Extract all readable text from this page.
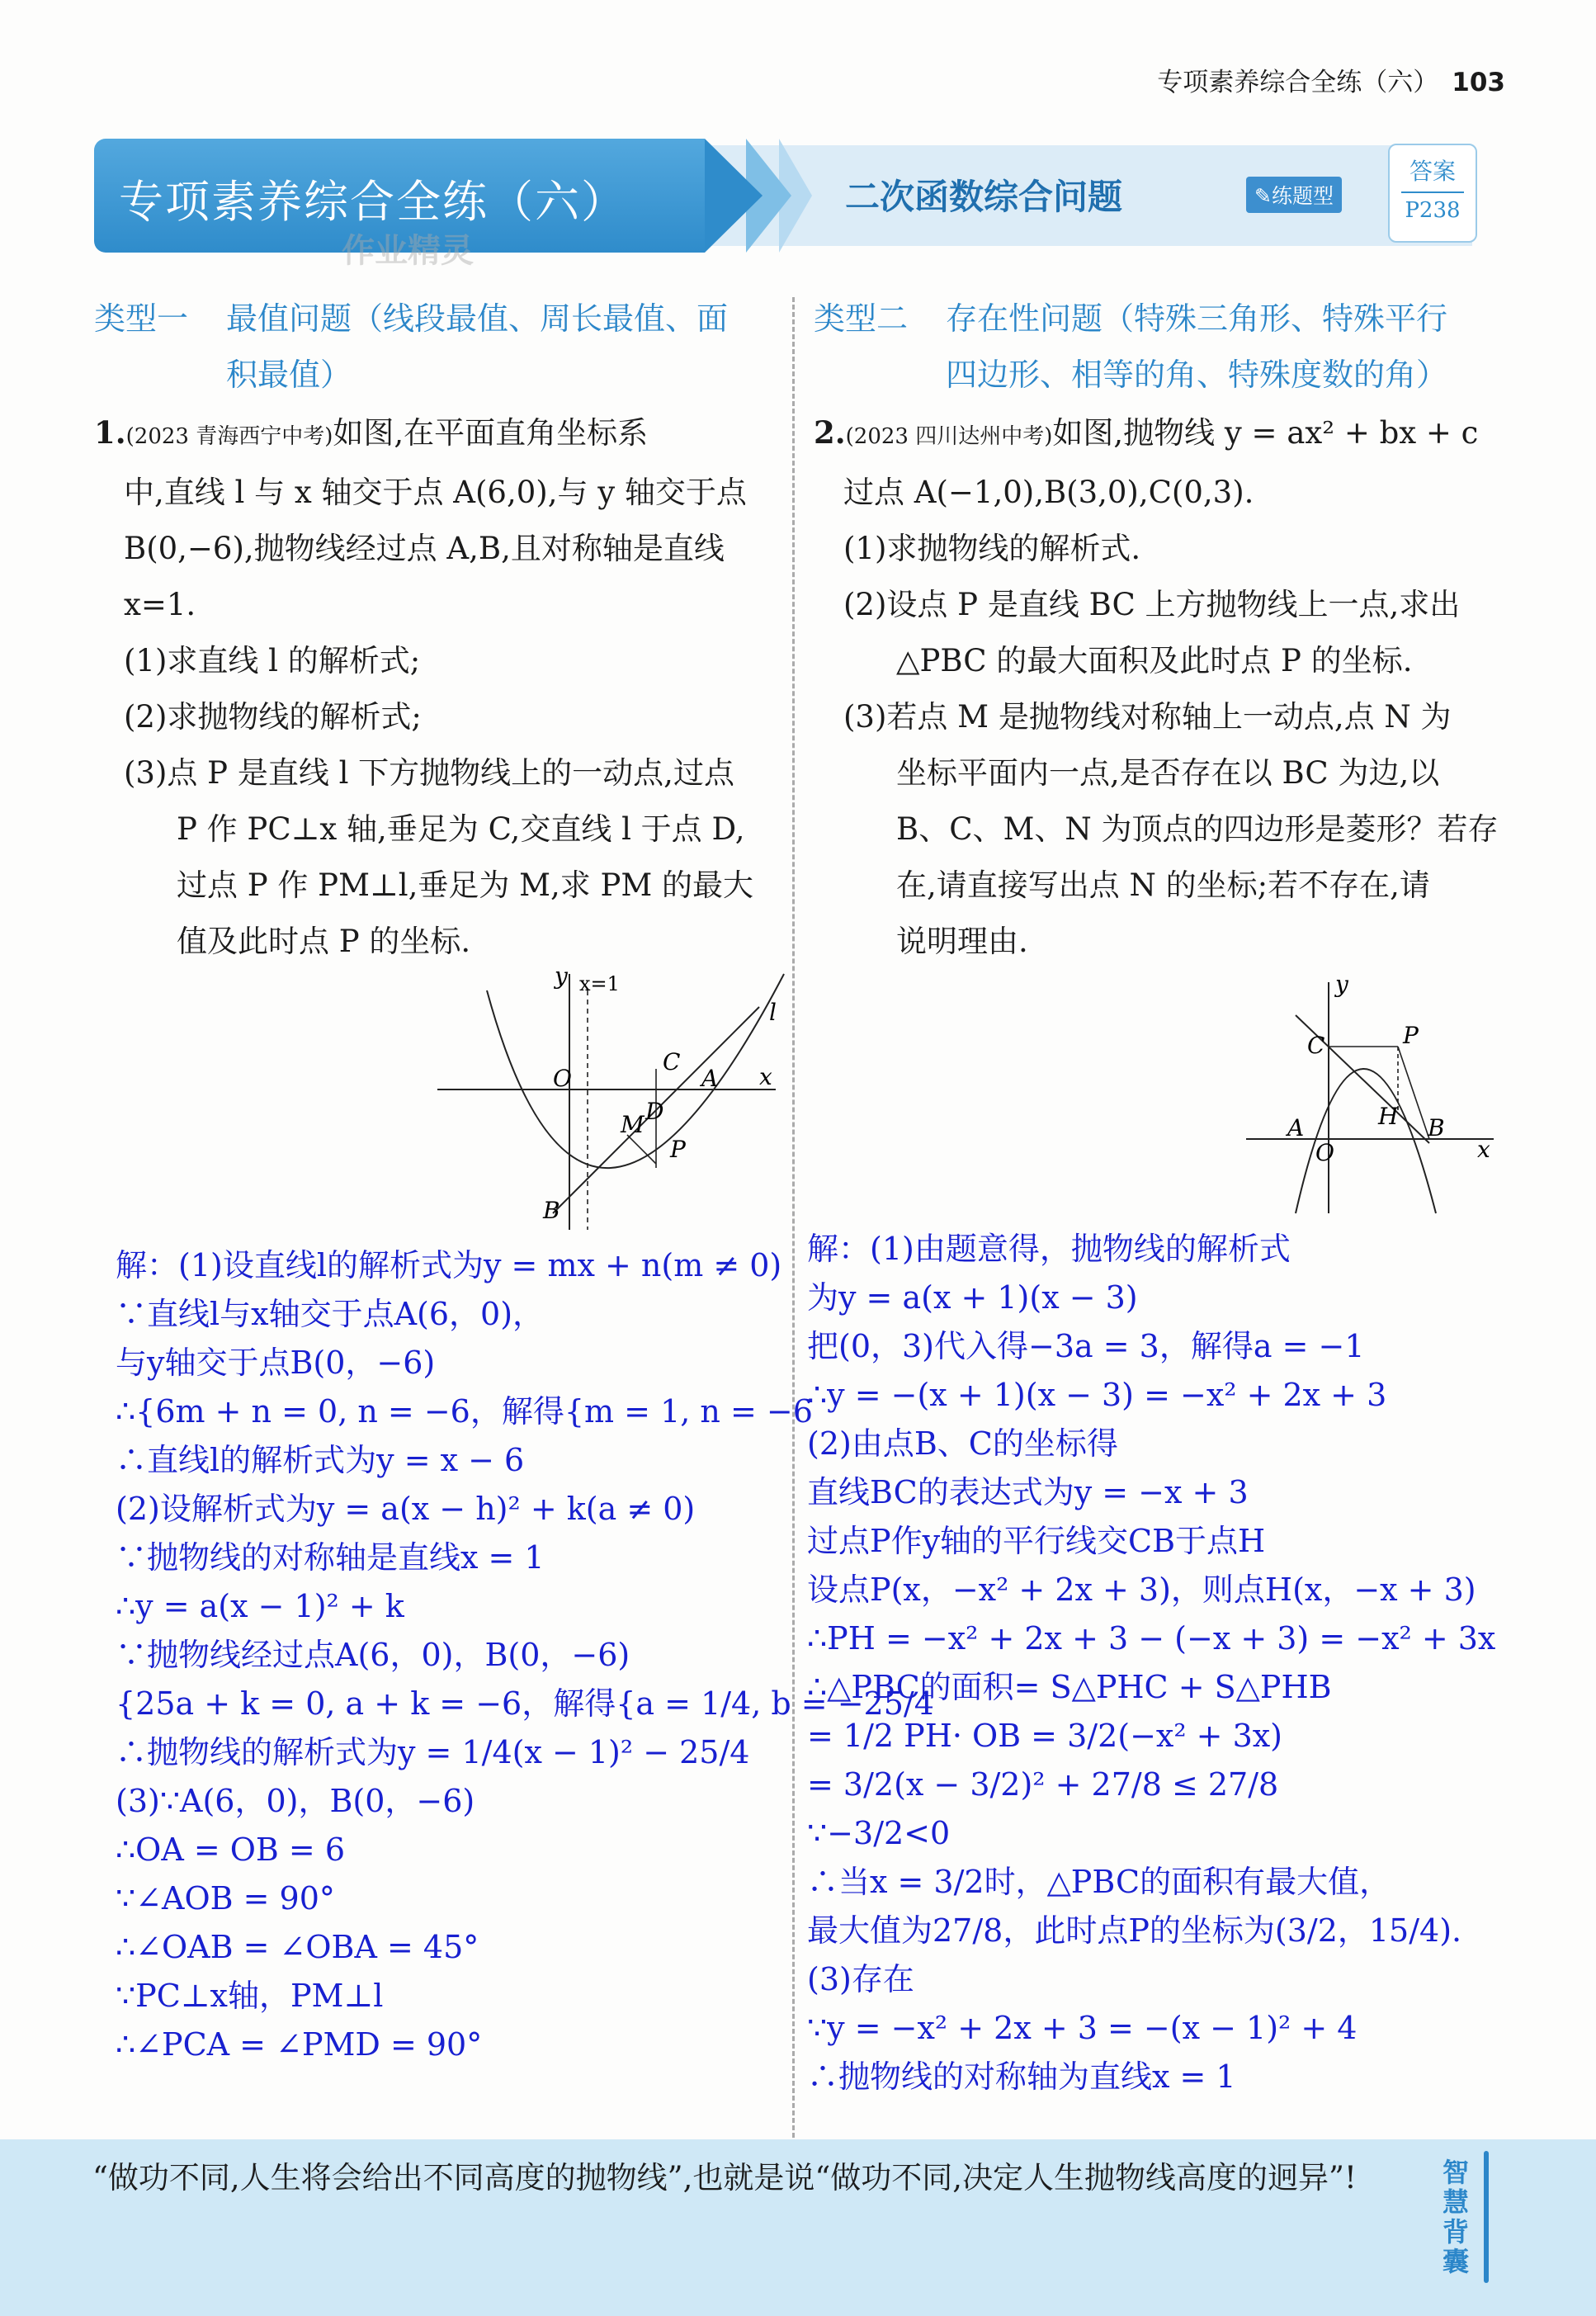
专项素养综合全练（六） 103
专项素养综合全练（六）
作业精灵
二次函数综合问题	✎练题型
答案
P238
类型一 最值问题（线段最值、周长最值、面
积最值）
1.(2023 青海西宁中考)如图,在平面直角坐标系
中,直线 l 与 x 轴交于点 A(6,0),与 y 轴交于点
B(0,−6),抛物线经过点 A,B,且对称轴是直线
x=1.
(1)求直线 l 的解析式;
(2)求抛物线的解析式;
(3)点 P 是直线 l 下方抛物线上的一动点,过点
P 作 PC⊥x 轴,垂足为 C,交直线 l 于点 D,
过点 P 作 PM⊥l,垂足为 M,求 PM 的最大
值及此时点 P 的坐标.
y x=1
l
O	x
A
C
D
M
P
B
解：(1)设直线l的解析式为y = mx + n(m ≠ 0)
∵直线l与x轴交于点A(6，0)，
与y轴交于点B(0，−6)
∴{6m + n = 0, n = −6，解得{m = 1, n = −6
∴直线l的解析式为y = x − 6
(2)设解析式为y = a(x − h)² + k(a ≠ 0)
∵抛物线的对称轴是直线x = 1
∴y = a(x − 1)² + k
∵抛物线经过点A(6，0)，B(0，−6)
{25a + k = 0, a + k = −6，解得{a = 1/4, b = −25/4
∴抛物线的解析式为y = 1/4(x − 1)² − 25/4
(3)∵A(6，0)，B(0，−6)
∴OA = OB = 6
∵∠AOB = 90°
∴∠OAB = ∠OBA = 45°
∵PC⊥x轴，PM⊥l
∴∠PCA = ∠PMD = 90°
类型二 存在性问题（特殊三角形、特殊平行
四边形、相等的角、特殊度数的角）
2.(2023 四川达州中考)如图,抛物线 y = ax² + bx + c
过点 A(−1,0),B(3,0),C(0,3).
(1)求抛物线的解析式.
(2)设点 P 是直线 BC 上方抛物线上一点,求出
△PBC 的最大面积及此时点 P 的坐标.
(3)若点 M 是抛物线对称轴上一动点,点 N 为
坐标平面内一点,是否存在以 BC 为边,以
B、C、M、N 为顶点的四边形是菱形？若存
在,请直接写出点 N 的坐标;若不存在,请
说明理由.
y
x
C	P
A
O
H B
解：(1)由题意得，抛物线的解析式
为y = a(x + 1)(x − 3)
把(0，3)代入得−3a = 3，解得a = −1
∴y = −(x + 1)(x − 3) = −x² + 2x + 3
(2)由点B、C的坐标得
直线BC的表达式为y = −x + 3
过点P作y轴的平行线交CB于点H
设点P(x，−x² + 2x + 3)，则点H(x，−x + 3)
∴PH = −x² + 2x + 3 − (−x + 3) = −x² + 3x
∴△PBC的面积= S△PHC + S△PHB
= 1/2 PH· OB = 3/2(−x² + 3x)
= 3/2(x − 3/2)² + 27/8 ≤ 27/8
∵−3/2<0
∴当x = 3/2时，△PBC的面积有最大值，
最大值为27/8，此时点P的坐标为(3/2，15/4).
(3)存在
∵y = −x² + 2x + 3 = −(x − 1)² + 4
∴抛物线的对称轴为直线x = 1
“做功不同,人生将会给出不同高度的抛物线”,也就是说“做功不同,决定人生抛物线高度的迥异”!	智慧背囊
